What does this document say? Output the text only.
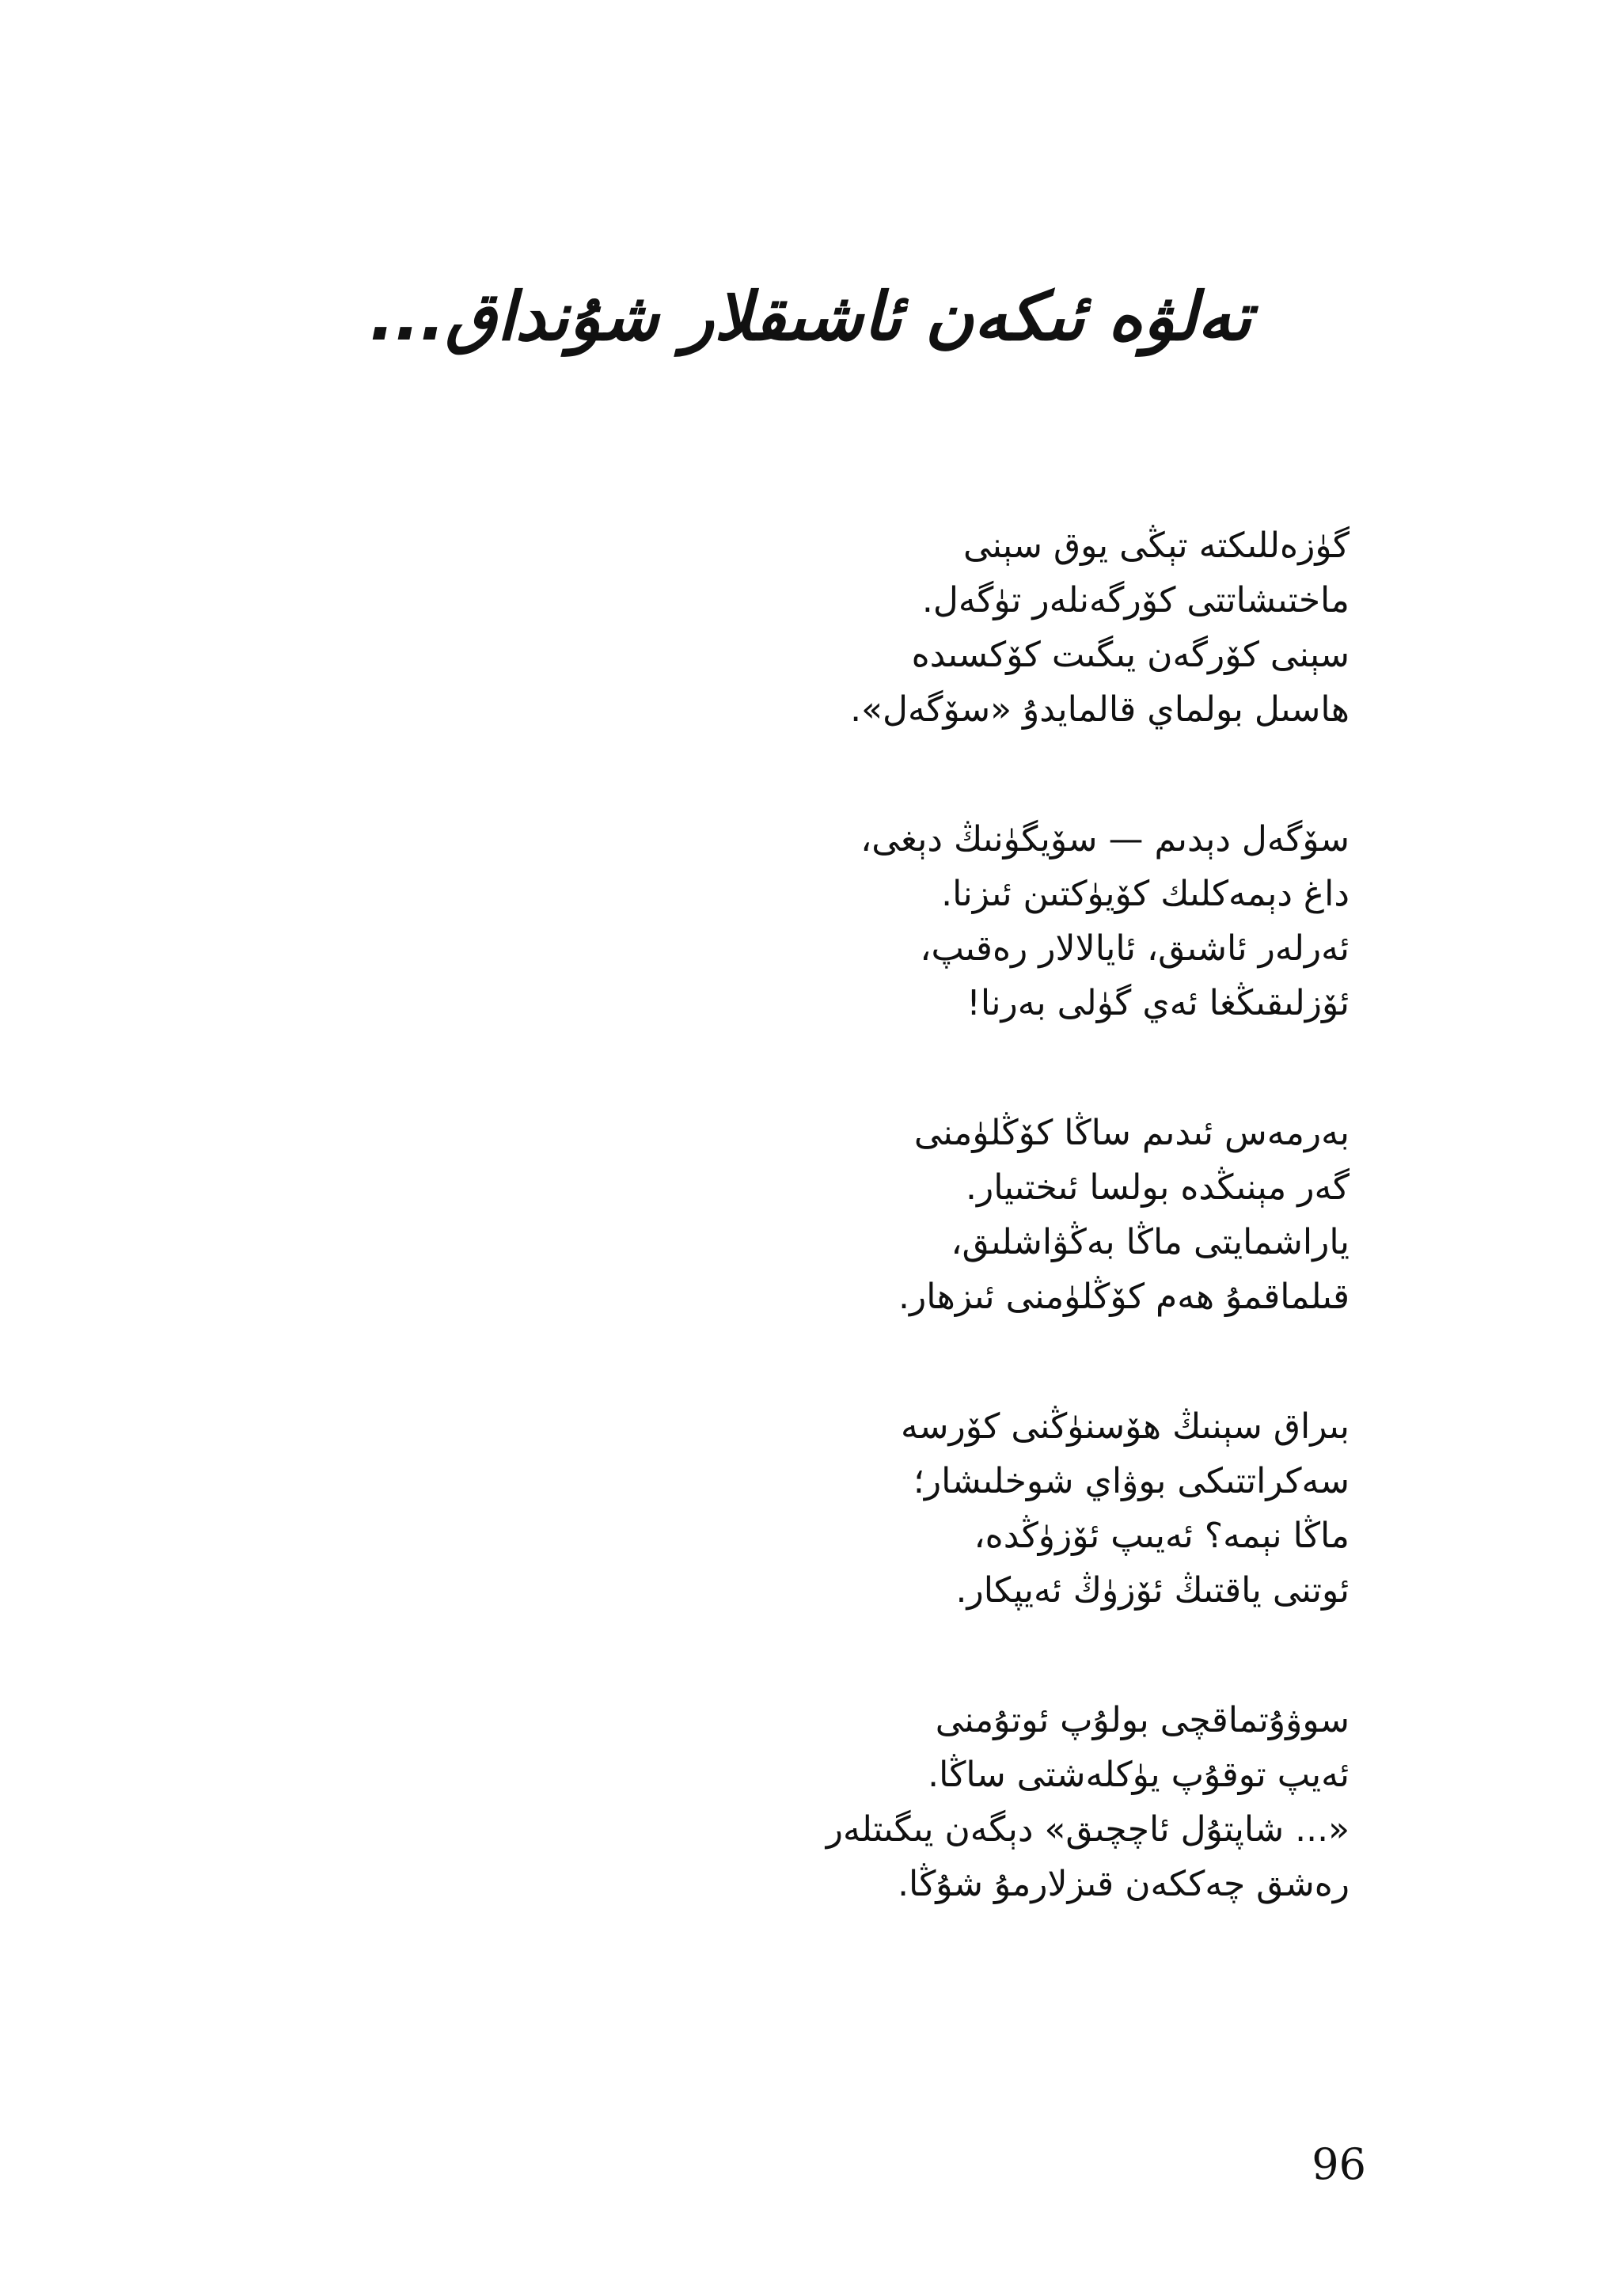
تەلۋە ئىكەن ئاشىقلار شۇنداق...
گۈزەللىكتە تېڭى يوق سېنى
ماختىشاتتى كۆرگەنلەر تۈگەل.
سېنى كۆرگەن يىگىت كۆكسىدە
ھاسىل بولماي قالمايدۇ «سۆگەل».
سۆگەل دېدىم — سۆيگۈنىڭ دېغى،
داغ دېمەكلىك كۆيۈكتىن ئىزنا.
ئەرلەر ئاشىق، ئايالالار رەقىپ،
ئۆزلىقىڭغا ئەي گۈلى بەرنا!
بەرمەس ئىدىم ساڭا كۆڭلۈمنى
گەر مېنىڭدە بولسا ئىختىيار.
ياراشمايتى ماڭا بەڭۋاشلىق،
قىلماقمۇ ھەم كۆڭلۈمنى ئىزھار.
بىراق سېنىڭ ھۆسنۈڭنى كۆرسە
سەكراتتىكى بوۋاي شوخلىشار؛
ماڭا نېمە؟ ئەيىپ ئۆزۈڭدە،
ئوتنى ياقتىڭ ئۆزۈڭ ئەيپكار.
سوۋۇتماقچى بولۇپ ئوتۇمنى
ئەيپ توقۇپ يۈكلەشتى ساڭا.
«... شاپتۇل ئاچچىق» دېگەن يىگىتلەر
رەشق چەككەن قىزلارمۇ شۇڭا.
96
